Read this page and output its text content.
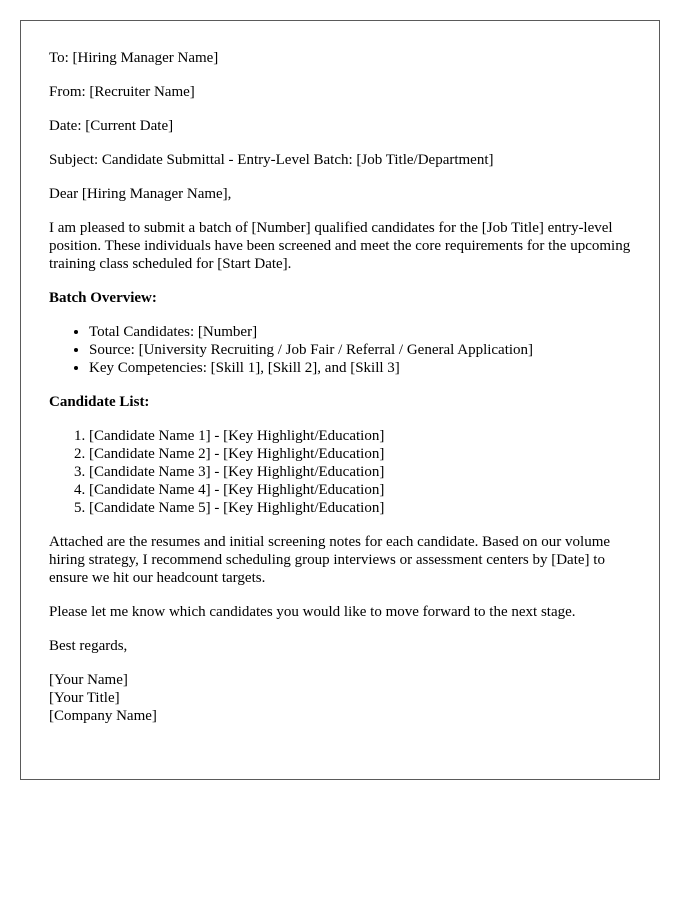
To: [Hiring Manager Name]

From: [Recruiter Name]

Date: [Current Date]

Subject: Candidate Submittal - Entry-Level Batch: [Job Title/Department]

Dear [Hiring Manager Name],

I am pleased to submit a batch of [Number] qualified candidates for the [Job Title] entry-level position. These individuals have been screened and meet the core requirements for the upcoming training class scheduled for [Start Date].

Batch Overview:
• Total Candidates: [Number]
• Source: [University Recruiting / Job Fair / Referral / General Application]
• Key Competencies: [Skill 1], [Skill 2], and [Skill 3]
Candidate List:
1. [Candidate Name 1] - [Key Highlight/Education]
2. [Candidate Name 2] - [Key Highlight/Education]
3. [Candidate Name 3] - [Key Highlight/Education]
4. [Candidate Name 4] - [Key Highlight/Education]
5. [Candidate Name 5] - [Key Highlight/Education]

Attached are the resumes and initial screening notes for each candidate. Based on our volume hiring strategy, I recommend scheduling group interviews or assessment centers by [Date] to ensure we hit our headcount targets.

Please let me know which candidates you would like to move forward to the next stage.

Best regards,

[Your Name]
[Your Title]
[Company Name]
